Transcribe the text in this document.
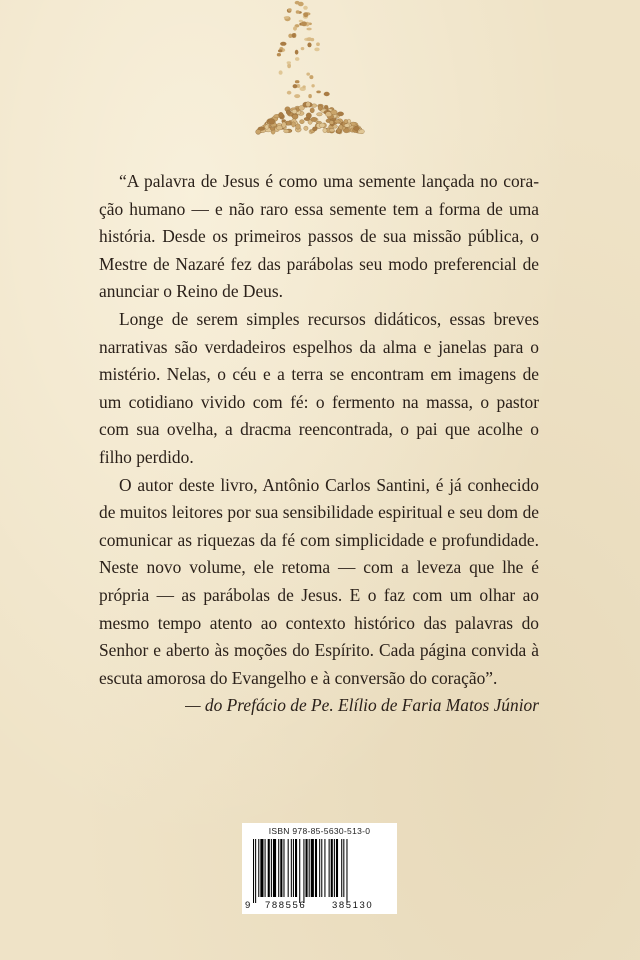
“A palavra de Jesus é como uma semente lançada no coração humano — e não raro essa semente tem a forma de uma história. Desde os primeiros passos de sua missão pública, o Mestre de Nazaré fez das parábolas seu modo preferencial de anunciar o Reino de Deus.

Longe de serem simples recursos didáticos, essas breves narrativas são verdadeiros espelhos da alma e janelas para o mistério. Nelas, o céu e a terra se encontram em imagens de um cotidiano vivido com fé: o fermento na massa, o pastor com sua ovelha, a dracma reencontrada, o pai que acolhe o filho perdido.

O autor deste livro, Antônio Carlos Santini, é já conhecido de muitos leitores por sua sensibilidade espiritual e seu dom de comunicar as riquezas da fé com simplicidade e profundidade. Neste novo volume, ele retoma — com a leveza que lhe é própria — as parábolas de Jesus. E o faz com um olhar ao mesmo tempo atento ao contexto histórico das palavras do Senhor e aberto às moções do Espírito. Cada página convida à escuta amorosa do Evangelho e à conversão do coração”.

— do Prefácio de Pe. Elílio de Faria Matos Júnior

ISBN 978-85-5630-513-0
9 788556	385130
